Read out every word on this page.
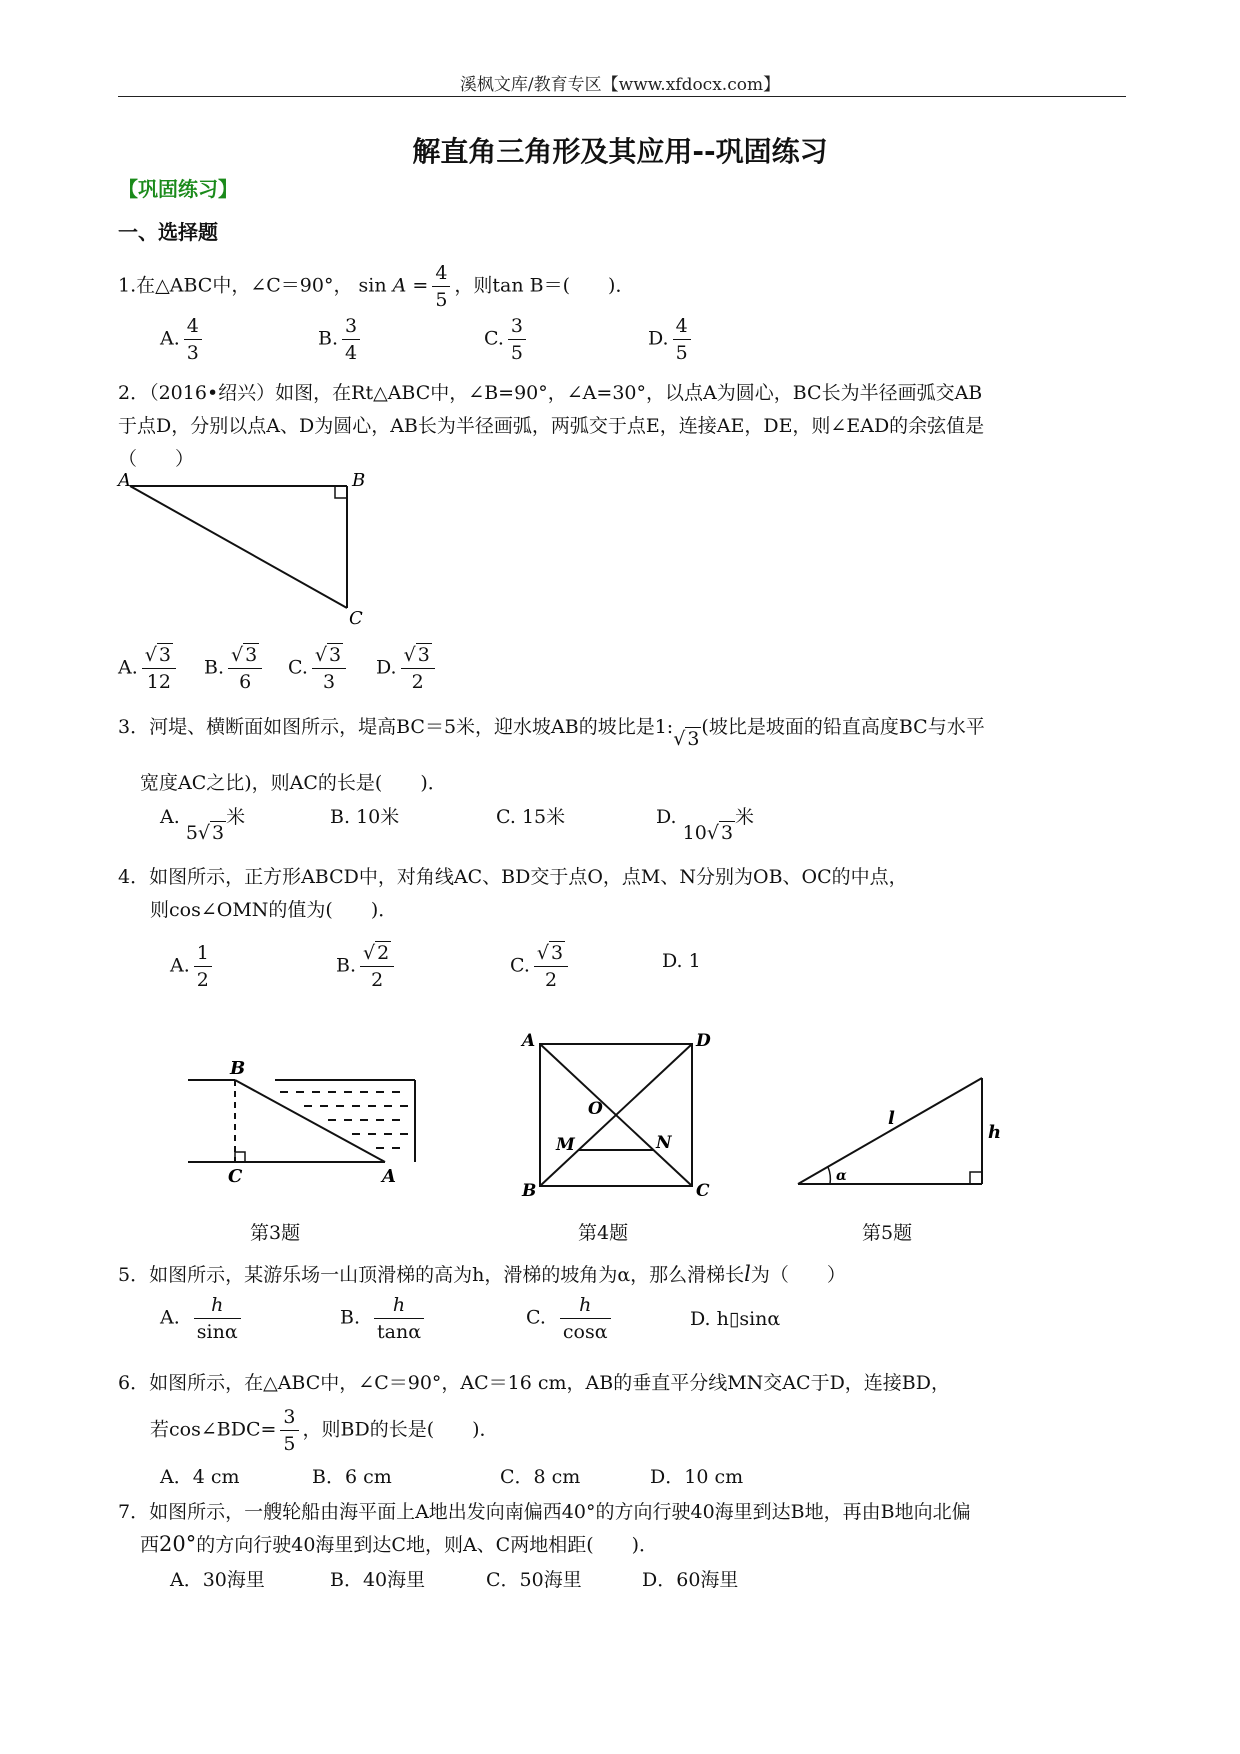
溪枫文库/教育专区【www.xfdocx.com】
解直角三角形及其应用--巩固练习
【巩固练习】
一、选择题
1.在△ABC中，∠C＝90°， $\sin A = \frac{4}{5}$ ，则tan B＝(　　)．
A. $\frac{4}{3}$	B. $\frac{3}{4}$	C. $\frac{3}{5}$	D. $\frac{4}{5}$
2．（2016•绍兴）如图，在Rt△ABC中，∠B=90°，∠A=30°，以点A为圆心，BC长为半径画弧交AB
于点D，分别以点A、D为圆心，AB长为半径画弧，两弧交于点E，连接AE，DE，则∠EAD的余弦值是
（　　）
A	B
C
A. $\frac{√ 3}{12} B$. $\frac{√ 3}{6} C$. $\frac{√ 3}{3} D$. $\frac{√ 3}{2}$
3．河堤、横断面如图所示，堤高BC＝5米，迎水坡AB的坡比是1:√ 3(坡比是坡面的铅直高度BC与水平
宽度AC之比)，则AC的长是(　　)．
A. 5√ 3米	B. 10米	C. 15米	D. 10√ 3米
4．如图所示，正方形ABCD中，对角线AC、BD交于点O，点M、N分别为OB、OC的中点，
则cos∠OMN的值为(　　)．
A. $\frac{1}{2}$	B. $\frac{√ 2}{2}$	C. $\frac{√ 3}{2}$	D. 1
B
C	A
A	D
O
M	N
B	C
l
h
α
第3题	第4题	第5题
5．如图所示，某游乐场一山顶滑梯的高为h，滑梯的坡角为α，那么滑梯长l为（　　）
A. $\frac{h}{\sin\alpha}$	B. $\frac{h}{\tan\alpha}$	C. $\frac{h}{\cos\alpha}$	D. h▯sinα
6．如图所示，在△ABC中，∠C＝90°，AC＝16 cm，AB的垂直平分线MN交AC于D，连接BD，
若cos∠BDC= $\frac{3}{5}$ ，则BD的长是(　　)．
A．4 cm	B．6 cm	C．8 cm	D．10 cm
7．如图所示，一艘轮船由海平面上A地出发向南偏西40°的方向行驶40海里到达B地，再由B地向北偏
西20°的方向行驶40海里到达C地，则A、C两地相距(　　)．
A．30海里	B．40海里	C．50海里	D．60海里
